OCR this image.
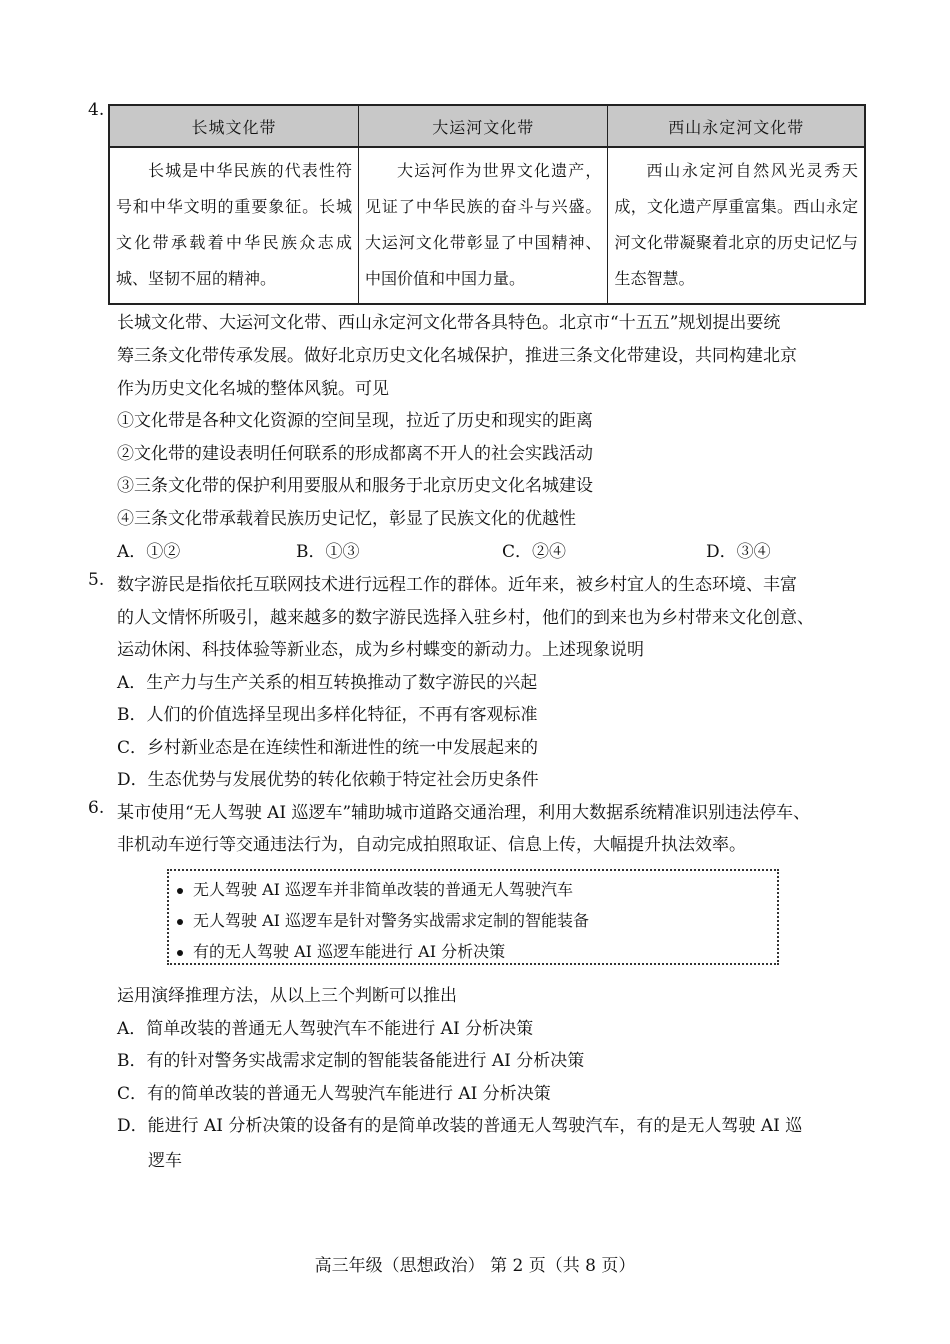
4.
长城文化带	大运河文化带	西山永定河文化带
长城是中华民族的代表性符号和中华文明的重要象征。长城文化带承载着中华民族众志成城、坚韧不屈的精神。	大运河作为世界文化遗产，见证了中华民族的奋斗与兴盛。大运河文化带彰显了中国精神、中国价值和中国力量。	西山永定河自然风光灵秀天成，文化遗产厚重富集。西山永定河文化带凝聚着北京的历史记忆与生态智慧。
长城文化带、大运河文化带、西山永定河文化带各具特色。北京市“十五五”规划提出要统
筹三条文化带传承发展。做好北京历史文化名城保护，推进三条文化带建设，共同构建北京
作为历史文化名城的整体风貌。可见
①文化带是各种文化资源的空间呈现，拉近了历史和现实的距离
②文化带的建设表明任何联系的形成都离不开人的社会实践活动
③三条文化带的保护利用要服从和服务于北京历史文化名城建设
④三条文化带承载着民族历史记忆，彰显了民族文化的优越性
A．①②	B．①③	C．②④	D．③④
5. 数字游民是指依托互联网技术进行远程工作的群体。近年来，被乡村宜人的生态环境、丰富
的人文情怀所吸引，越来越多的数字游民选择入驻乡村，他们的到来也为乡村带来文化创意、
运动休闲、科技体验等新业态，成为乡村蝶变的新动力。上述现象说明
A．生产力与生产关系的相互转换推动了数字游民的兴起
B．人们的价值选择呈现出多样化特征，不再有客观标准
C．乡村新业态是在连续性和渐进性的统一中发展起来的
D．生态优势与发展优势的转化依赖于特定社会历史条件
6. 某市使用“无人驾驶 AI 巡逻车”辅助城市道路交通治理，利用大数据系统精准识别违法停车、
非机动车逆行等交通违法行为，自动完成拍照取证、信息上传，大幅提升执法效率。
无人驾驶 AI 巡逻车并非简单改装的普通无人驾驶汽车
无人驾驶 AI 巡逻车是针对警务实战需求定制的智能装备
有的无人驾驶 AI 巡逻车能进行 AI 分析决策
运用演绎推理方法，从以上三个判断可以推出
A．简单改装的普通无人驾驶汽车不能进行 AI 分析决策
B．有的针对警务实战需求定制的智能装备能进行 AI 分析决策
C．有的简单改装的普通无人驾驶汽车能进行 AI 分析决策
D．能进行 AI 分析决策的设备有的是简单改装的普通无人驾驶汽车，有的是无人驾驶 AI 巡
逻车
高三年级（思想政治） 第 2 页（共 8 页）
